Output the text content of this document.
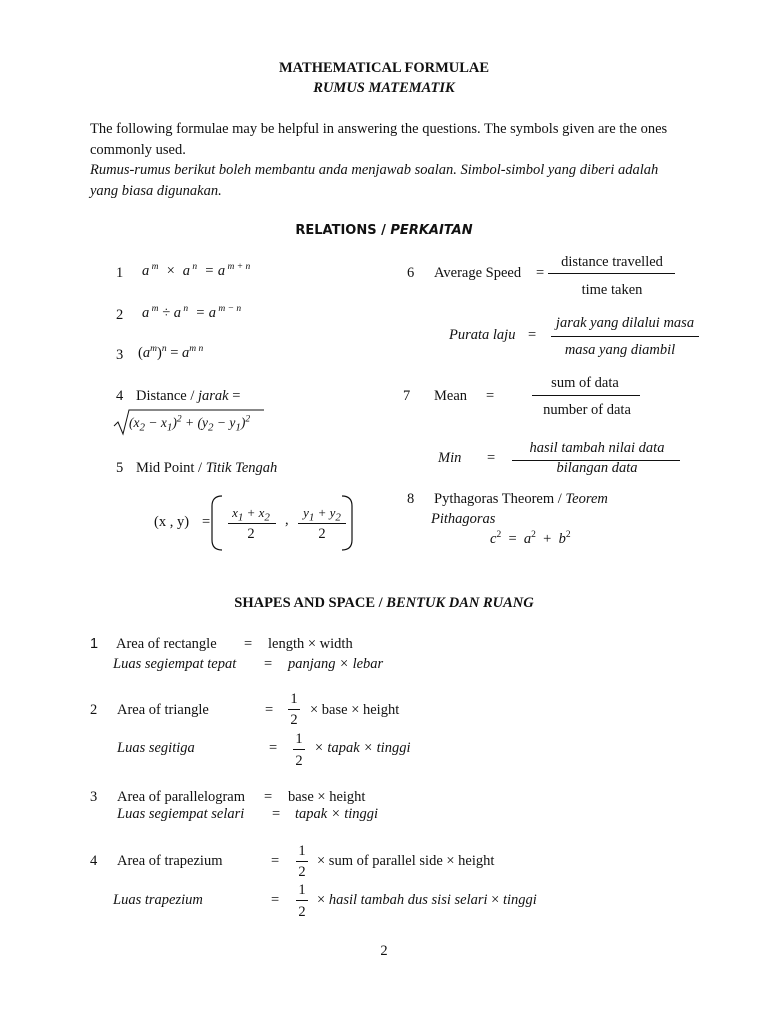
MATHEMATICAL FORMULAE
RUMUS MATEMATIK
The following formulae may be helpful in answering the questions. The symbols given are the ones commonly used.
Rumus-rumus berikut boleh membantu anda menjawab soalan. Simbol-simbol yang diberi adalah yang biasa digunakan.
RELATIONS / PERKAITAN
1 a $^m$  ×  a $^n$  = a $^{m + n}$
2 a $^m$ ÷ a $^n$  = a $^{m - n}$
3 $(a^m)^n = a^{m n}$
4 Distance / jarak =
$(x_2 - x_1)^2 + (y_2 - y_1)^2$
5 Mid Point / Titik Tengah
(x , y) =
$x_1 + x_2$
2
,	$y_1 + y_2$
2
6 Average Speed =
distance travelled
time taken
Purata laju =
jarak yang dilalui masa
masa yang diambil
7 Mean =
sum of data
number of data
Min =
hasil tambah nilai data
bilangan data
8 Pythagoras Theorem / Teorem
Pithagoras
$c^2 = a^2 + b^2$
SHAPES AND SPACE / BENTUK DAN RUANG
1 Area of rectangle = length × width
Luas segiempat tepat = panjang × lebar
2 Area of triangle	=
1
2
× base × height
Luas segitiga	=
1
2
× tapak × tinggi
3 Area of parallelogram = base × height
Luas segiempat selari = tapak × tinggi
4 Area of trapezium	=
1
2
× sum of parallel side × height
Luas trapezium	=
1
2
× hasil tambah dus sisi selari × tinggi
2
